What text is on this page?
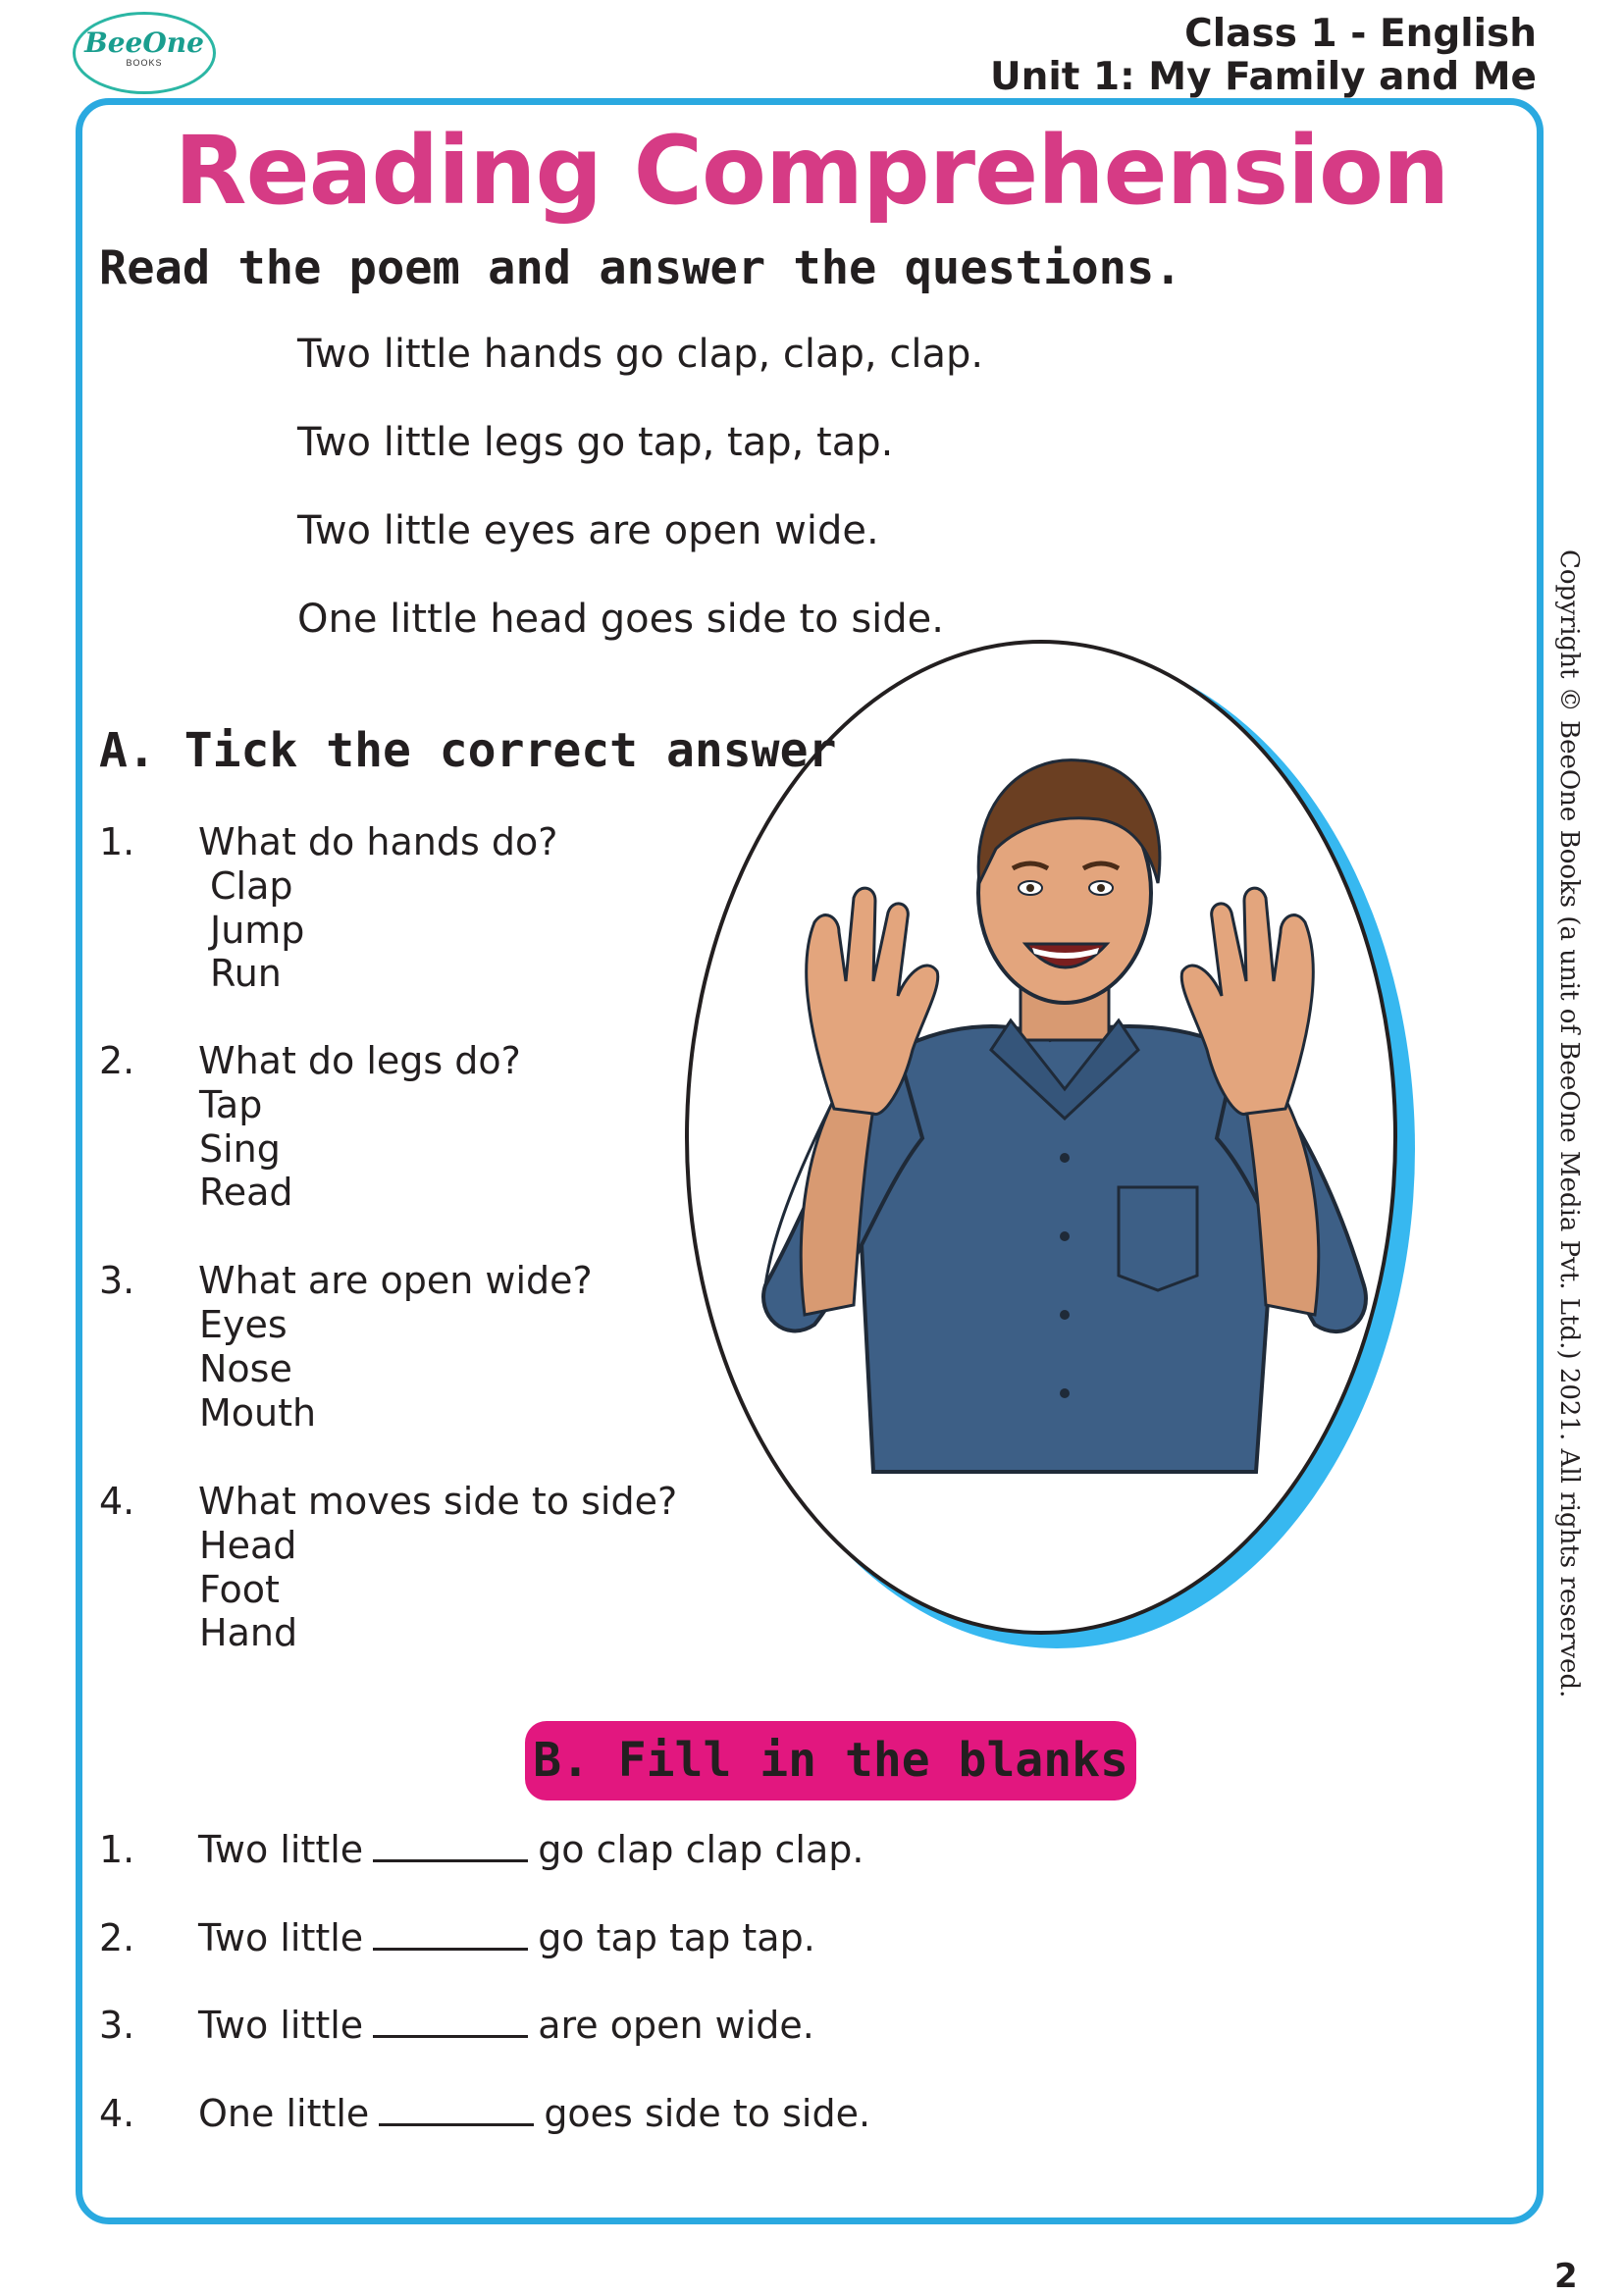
BeeOne
BOOKS
Class 1 - English
Unit 1: My Family and Me
Reading Comprehension
Read the poem and answer the questions.
Two little hands go clap, clap, clap.
Two little legs go tap, tap, tap.
Two little eyes are open wide.
One little head goes side to side.
A. Tick the correct answer
1. What do hands do?
Clap
Jump
Run
2. What do legs do?
Tap
Sing
Read
3. What are open wide?
Eyes
Nose
Mouth
4. What moves side to side?
Head
Foot
Hand
B. Fill in the blanks
1. Two little	go clap clap clap.
2. Two little	go tap tap tap.
3. Two little	are open wide.
4. One little	goes side to side.
Copyright © BeeOne Books (a unit of BeeOne Media Pvt. Ltd.) 2021. All rights reserved.
2
